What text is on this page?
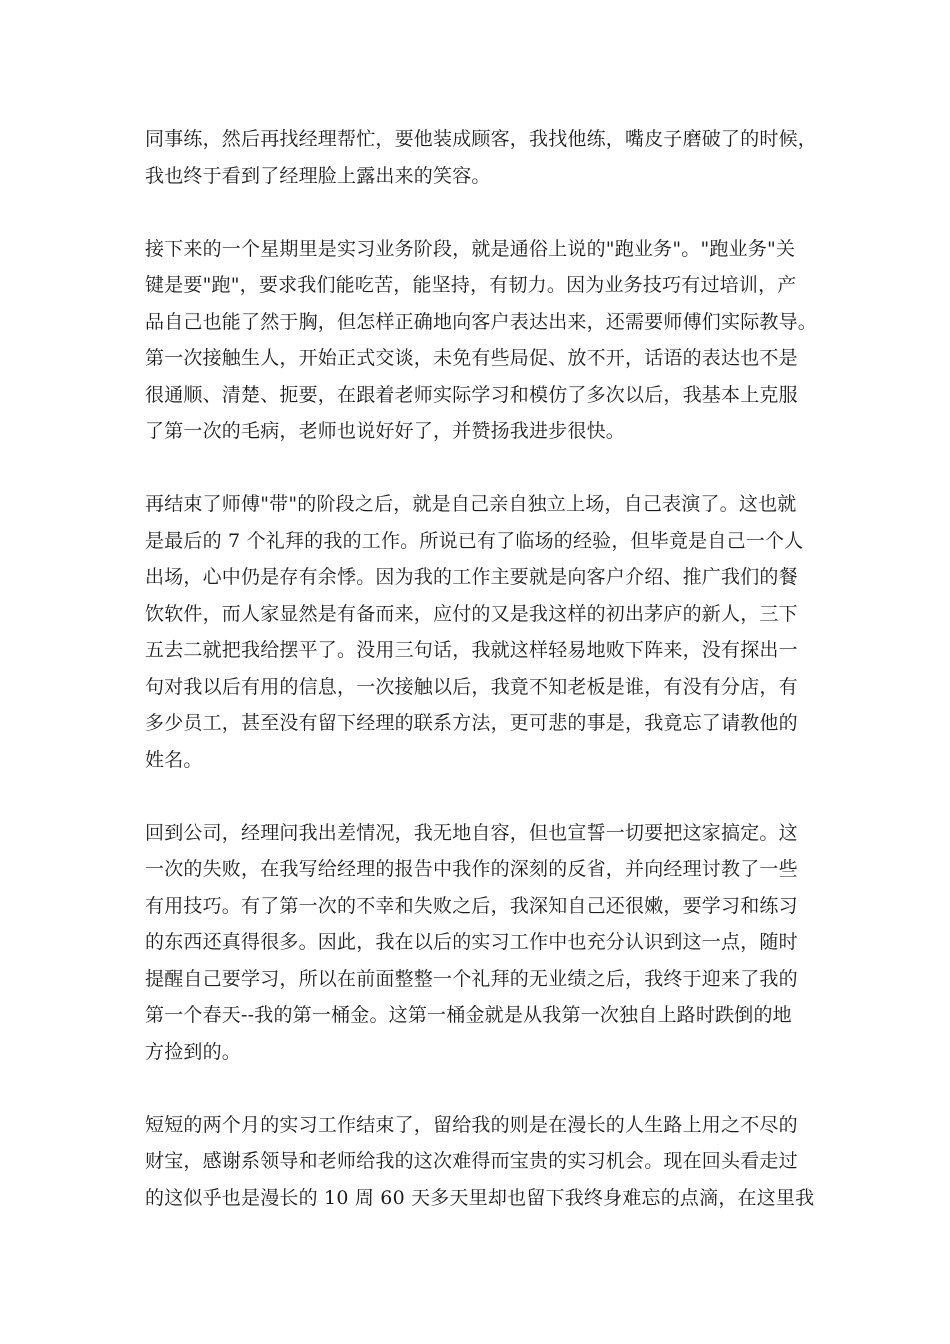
同事练，然后再找经理帮忙，要他装成顾客，我找他练，嘴皮子磨破了的时候，
我也终于看到了经理脸上露出来的笑容。

接下来的一个星期里是实习业务阶段，就是通俗上说的"跑业务"。"跑业务"关
键是要"跑"，要求我们能吃苦，能坚持，有韧力。因为业务技巧有过培训，产
品自己也能了然于胸，但怎样正确地向客户表达出来，还需要师傅们实际教导。
第一次接触生人，开始正式交谈，未免有些局促、放不开，话语的表达也不是
很通顺、清楚、扼要，在跟着老师实际学习和模仿了多次以后，我基本上克服
了第一次的毛病，老师也说好好了，并赞扬我进步很快。

再结束了师傅"带"的阶段之后，就是自己亲自独立上场，自己表演了。这也就
是最后的 7 个礼拜的我的工作。所说已有了临场的经验，但毕竟是自己一个人
出场，心中仍是存有余悸。因为我的工作主要就是向客户介绍、推广我们的餐
饮软件，而人家显然是有备而来，应付的又是我这样的初出茅庐的新人，三下
五去二就把我给摆平了。没用三句话，我就这样轻易地败下阵来，没有探出一
句对我以后有用的信息，一次接触以后，我竟不知老板是谁，有没有分店，有
多少员工，甚至没有留下经理的联系方法，更可悲的事是，我竟忘了请教他的
姓名。

回到公司，经理问我出差情况，我无地自容，但也宣誓一切要把这家搞定。这
一次的失败，在我写给经理的报告中我作的深刻的反省，并向经理讨教了一些
有用技巧。有了第一次的不幸和失败之后，我深知自己还很嫩，要学习和练习
的东西还真得很多。因此，我在以后的实习工作中也充分认识到这一点，随时
提醒自己要学习，所以在前面整整一个礼拜的无业绩之后，我终于迎来了我的
第一个春天--我的第一桶金。这第一桶金就是从我第一次独自上路时跌倒的地
方捡到的。

短短的两个月的实习工作结束了，留给我的则是在漫长的人生路上用之不尽的
财宝，感谢系领导和老师给我的这次难得而宝贵的实习机会。现在回头看走过
的这似乎也是漫长的 10 周 60 天多天里却也留下我终身难忘的点滴，在这里我
